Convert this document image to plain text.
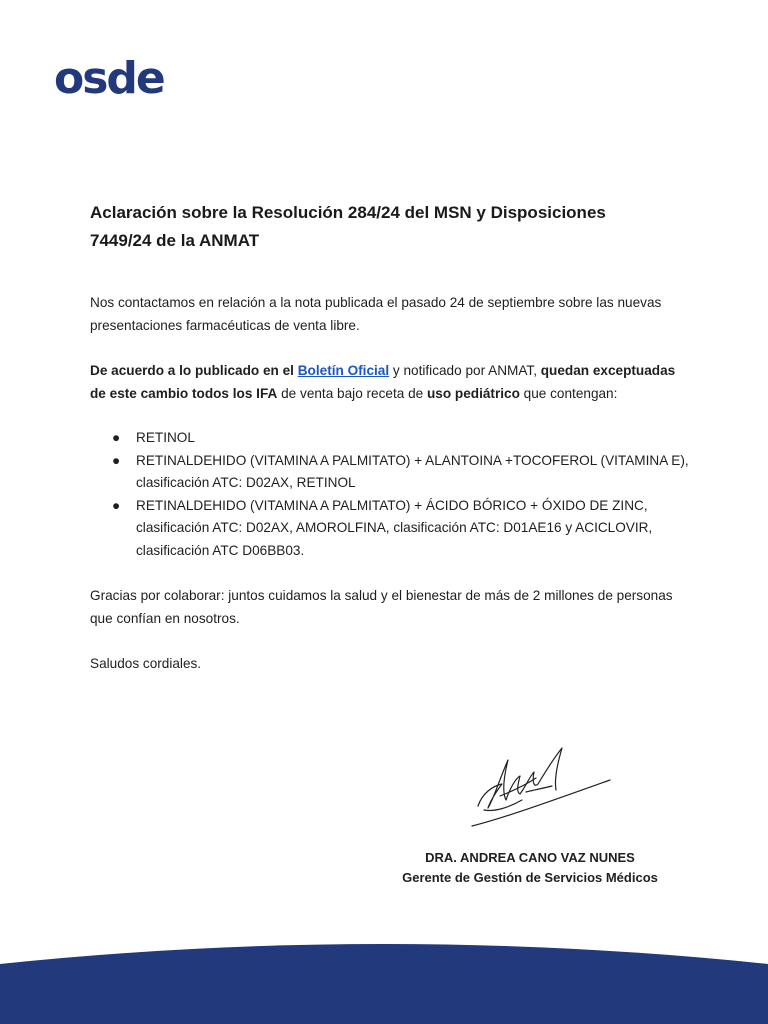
osde
Aclaración sobre la Resolución 284/24 del MSN y Disposiciones 7449/24 de la ANMAT

Nos contactamos en relación a la nota publicada el pasado 24 de septiembre sobre las nuevas presentaciones farmacéuticas de venta libre.

De acuerdo a lo publicado en el Boletín Oficial y notificado por ANMAT, quedan exceptuadas de este cambio todos los IFA de venta bajo receta de uso pediátrico que contengan:

● RETINOL
● RETINALDEHIDO (VITAMINA A PALMITATO) + ALANTOINA +TOCOFEROL (VITAMINA E), clasificación ATC: D02AX, RETINOL
● RETINALDEHIDO (VITAMINA A PALMITATO) + ÁCIDO BÓRICO + ÓXIDO DE ZINC, clasificación ATC: D02AX, AMOROLFINA, clasificación ATC: D01AE16 y ACICLOVIR, clasificación ATC D06BB03.

Gracias por colaborar: juntos cuidamos la salud y el bienestar de más de 2 millones de personas que confían en nosotros.

Saludos cordiales.

DRA. ANDREA CANO VAZ NUNES
Gerente de Gestión de Servicios Médicos
